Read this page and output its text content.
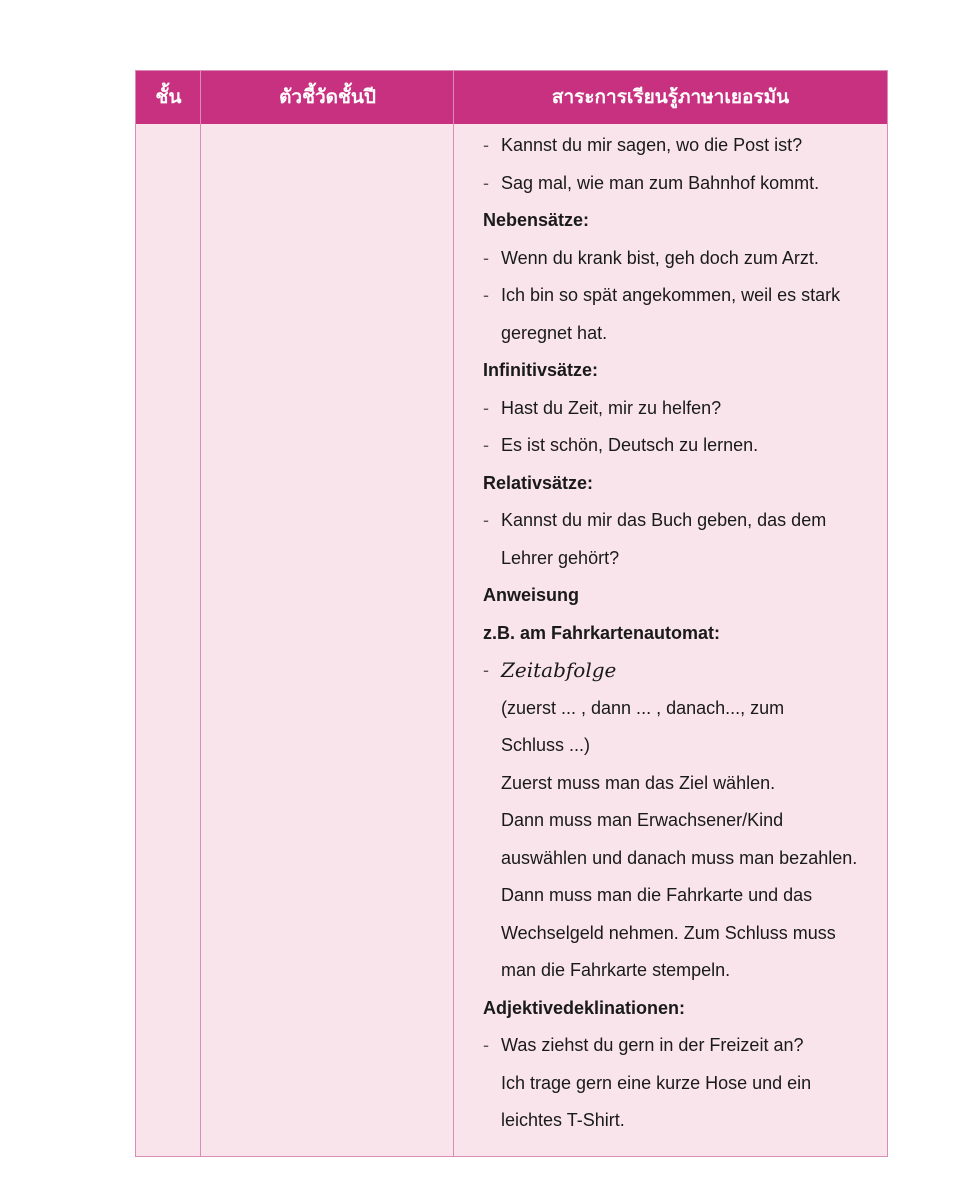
ชั้น	ตัวชี้วัดชั้นปี	สาระการเรียนรู้ภาษาเยอรมัน
- Kannst du mir sagen, wo die Post ist?
- Sag mal, wie man zum Bahnhof kommt.
Nebensätze:
- Wenn du krank bist, geh doch zum Arzt.
- Ich bin so spät angekommen, weil es stark
geregnet hat.
Infinitivsätze:
- Hast du Zeit, mir zu helfen?
- Es ist schön, Deutsch zu lernen.
Relativsätze:
- Kannst du mir das Buch geben, das dem
Lehrer gehört?
Anweisung
z.B. am Fahrkartenautomat:
- Zeitabfolge
(zuerst ... , dann ... , danach..., zum
Schluss ...)
Zuerst muss man das Ziel wählen.
Dann muss man Erwachsener/Kind
auswählen und danach muss man bezahlen.
Dann muss man die Fahrkarte und das
Wechselgeld nehmen. Zum Schluss muss
man die Fahrkarte stempeln.
Adjektivedeklinationen:
- Was ziehst du gern in der Freizeit an?
Ich trage gern eine kurze Hose und ein
leichtes T-Shirt.
